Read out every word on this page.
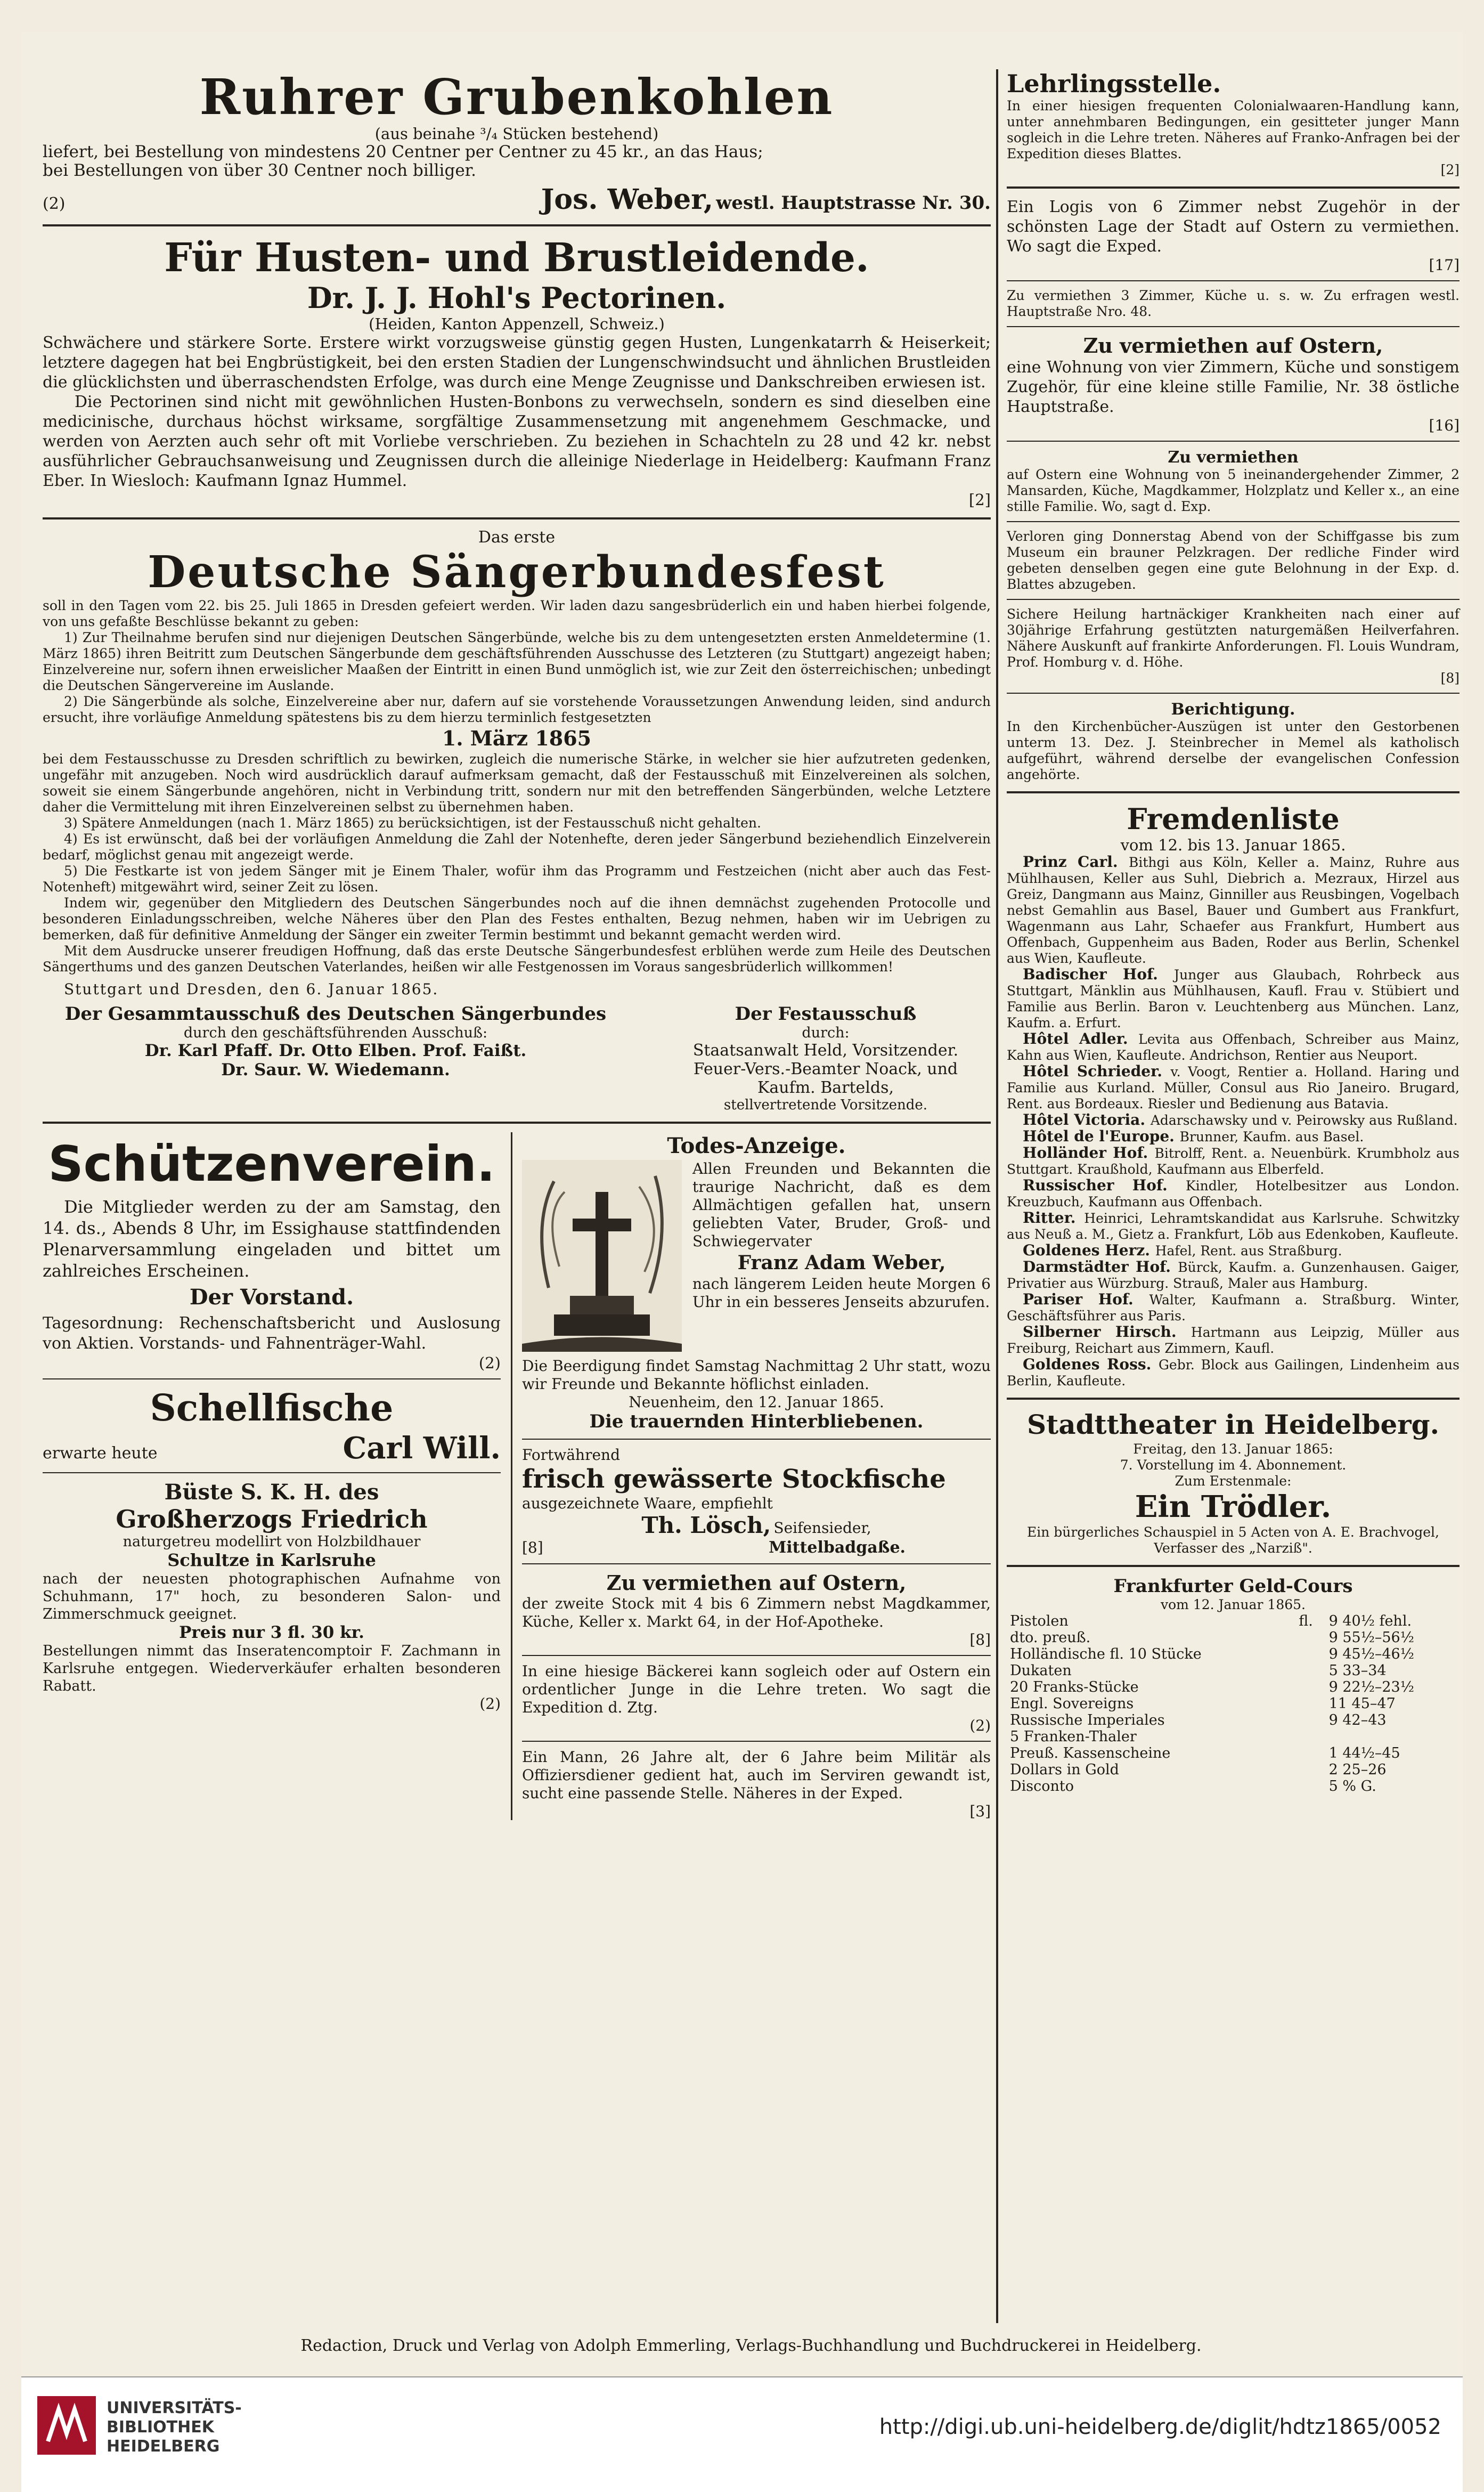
Ruhrer Grubenkohlen
(aus beinahe ³/₄ Stücken bestehend)
liefert, bei Bestellung von mindestens 20 Centner per Centner zu 45 kr., an das Haus;
bei Bestellungen von über 30 Centner noch billiger.
(2)	Jos. Weber, westl. Hauptstrasse Nr. 30.
Für Husten- und Brustleidende.
Dr. J. J. Hohl's Pectorinen.
(Heiden, Kanton Appenzell, Schweiz.)
Schwächere und stärkere Sorte. Erstere wirkt vorzugsweise günstig gegen Husten, Lungenkatarrh & Heiserkeit; letztere dagegen hat bei Engbrüstigkeit, bei den ersten Stadien der Lungenschwindsucht und ähnlichen Brustleiden die glücklichsten und überraschendsten Erfolge, was durch eine Menge Zeugnisse und Dankschreiben erwiesen ist.
Die Pectorinen sind nicht mit gewöhnlichen Husten-Bonbons zu verwechseln, sondern es sind dieselben eine medicinische, durchaus höchst wirksame, sorgfältige Zusammensetzung mit angenehmem Geschmacke, und werden von Aerzten auch sehr oft mit Vorliebe verschrieben. Zu beziehen in Schachteln zu 28 und 42 kr. nebst ausführlicher Gebrauchsanweisung und Zeugnissen durch die alleinige Niederlage in Heidelberg: Kaufmann Franz Eber. In Wiesloch: Kaufmann Ignaz Hummel.
[2]
Das erste
Deutsche Sängerbundesfest
soll in den Tagen vom 22. bis 25. Juli 1865 in Dresden gefeiert werden. Wir laden dazu sangesbrüderlich ein und haben hierbei folgende, von uns gefaßte Beschlüsse bekannt zu geben:
1) Zur Theilnahme berufen sind nur diejenigen Deutschen Sängerbünde, welche bis zu dem untengesetzten ersten Anmeldetermine (1. März 1865) ihren Beitritt zum Deutschen Sängerbunde dem geschäftsführenden Ausschusse des Letzteren (zu Stuttgart) angezeigt haben; Einzelvereine nur, sofern ihnen erweislicher Maaßen der Eintritt in einen Bund unmöglich ist, wie zur Zeit den österreichischen; unbedingt die Deutschen Sängervereine im Auslande.
2) Die Sängerbünde als solche, Einzelvereine aber nur, dafern auf sie vorstehende Voraussetzungen Anwendung leiden, sind andurch ersucht, ihre vorläufige Anmeldung spätestens bis zu dem hierzu terminlich festgesetzten
1. März 1865
bei dem Festausschusse zu Dresden schriftlich zu bewirken, zugleich die numerische Stärke, in welcher sie hier aufzutreten gedenken, ungefähr mit anzugeben. Noch wird ausdrücklich darauf aufmerksam gemacht, daß der Festausschuß mit Einzelvereinen als solchen, soweit sie einem Sängerbunde angehören, nicht in Verbindung tritt, sondern nur mit den betreffenden Sängerbünden, welche Letztere daher die Vermittelung mit ihren Einzelvereinen selbst zu übernehmen haben.
3) Spätere Anmeldungen (nach 1. März 1865) zu berücksichtigen, ist der Festausschuß nicht gehalten.
4) Es ist erwünscht, daß bei der vorläufigen Anmeldung die Zahl der Notenhefte, deren jeder Sängerbund beziehendlich Einzelverein bedarf, möglichst genau mit angezeigt werde.
5) Die Festkarte ist von jedem Sänger mit je Einem Thaler, wofür ihm das Programm und Festzeichen (nicht aber auch das Fest-Notenheft) mitgewährt wird, seiner Zeit zu lösen.
Indem wir, gegenüber den Mitgliedern des Deutschen Sängerbundes noch auf die ihnen demnächst zugehenden Protocolle und besonderen Einladungsschreiben, welche Näheres über den Plan des Festes enthalten, Bezug nehmen, haben wir im Uebrigen zu bemerken, daß für definitive Anmeldung der Sänger ein zweiter Termin bestimmt und bekannt gemacht werden wird.
Mit dem Ausdrucke unserer freudigen Hoffnung, daß das erste Deutsche Sängerbundesfest erblühen werde zum Heile des Deutschen Sängerthums und des ganzen Deutschen Vaterlandes, heißen wir alle Festgenossen im Voraus sangesbrüderlich willkommen!
Stuttgart und Dresden, den 6. Januar 1865.
Der Gesammtausschuß des Deutschen Sängerbundes
durch den geschäftsführenden Ausschuß:
Dr. Karl Pfaff. Dr. Otto Elben. Prof. Faißt.
Dr. Saur. W. Wiedemann.
Der Festausschuß
durch:
Staatsanwalt Held, Vorsitzender.
Feuer-Vers.-Beamter Noack, und
Kaufm. Bartelds,
stellvertretende Vorsitzende.
Schützenverein.
Die Mitglieder werden zu der am Samstag, den 14. ds., Abends 8 Uhr, im Essighause stattfindenden Plenarversammlung eingeladen und bittet um zahlreiches Erscheinen.
Der Vorstand.
Tagesordnung: Rechenschaftsbericht und Auslosung von Aktien. Vorstands- und Fahnenträger-Wahl.
(2)
Schellfische
erwarte heute	Carl Will.
Büste S. K. H. des
Großherzogs Friedrich
naturgetreu modellirt von Holzbildhauer
Schultze in Karlsruhe
nach der neuesten photographischen Aufnahme von Schuhmann, 17" hoch, zu besonderen Salon- und Zimmerschmuck geeignet.
Preis nur 3 fl. 30 kr.
Bestellungen nimmt das Inseratencomptoir F. Zachmann in Karlsruhe entgegen. Wiederverkäufer erhalten besonderen Rabatt.
(2)
Todes-Anzeige.
Allen Freunden und Bekannten die traurige Nachricht, daß es dem Allmächtigen gefallen hat, unsern geliebten Vater, Bruder, Groß- und Schwiegervater
Franz Adam Weber,
nach längerem Leiden heute Morgen 6 Uhr in ein besseres Jenseits abzurufen.
Die Beerdigung findet Samstag Nachmittag 2 Uhr statt, wozu wir Freunde und Bekannte höflichst einladen.
Neuenheim, den 12. Januar 1865.
Die trauernden Hinterbliebenen.
Fortwährend
frisch gewässerte Stockfische
ausgezeichnete Waare, empfiehlt
Th. Lösch, Seifensieder,
[8]	Mittelbadgaße.
Zu vermiethen auf Ostern,
der zweite Stock mit 4 bis 6 Zimmern nebst Magdkammer, Küche, Keller x. Markt 64, in der Hof-Apotheke.
[8]
In eine hiesige Bäckerei kann sogleich oder auf Ostern ein ordentlicher Junge in die Lehre treten. Wo sagt die Expedition d. Ztg.
(2)
Ein Mann, 26 Jahre alt, der 6 Jahre beim Militär als Offiziersdiener gedient hat, auch im Serviren gewandt ist, sucht eine passende Stelle. Näheres in der Exped.
[3]
Lehrlingsstelle.
In einer hiesigen frequenten Colonialwaaren-Handlung kann, unter annehmbaren Bedingungen, ein gesitteter junger Mann sogleich in die Lehre treten. Näheres auf Franko-Anfragen bei der Expedition dieses Blattes.
[2]
Ein Logis von 6 Zimmer nebst Zugehör in der schönsten Lage der Stadt auf Ostern zu vermiethen. Wo sagt die Exped.
[17]
Zu vermiethen 3 Zimmer, Küche u. s. w. Zu erfragen westl. Hauptstraße Nro. 48.
Zu vermiethen auf Ostern,
eine Wohnung von vier Zimmern, Küche und sonstigem Zugehör, für eine kleine stille Familie, Nr. 38 östliche Hauptstraße.
[16]
Zu vermiethen
auf Ostern eine Wohnung von 5 ineinandergehender Zimmer, 2 Mansarden, Küche, Magdkammer, Holzplatz und Keller x., an eine stille Familie. Wo, sagt d. Exp.
Verloren ging Donnerstag Abend von der Schiffgasse bis zum Museum ein brauner Pelzkragen. Der redliche Finder wird gebeten denselben gegen eine gute Belohnung in der Exp. d. Blattes abzugeben.
Sichere Heilung hartnäckiger Krankheiten nach einer auf 30jährige Erfahrung gestützten naturgemäßen Heilverfahren. Nähere Auskunft auf frankirte Anforderungen. Fl. Louis Wundram, Prof. Homburg v. d. Höhe.
[8]
Berichtigung.
In den Kirchenbücher-Auszügen ist unter den Gestorbenen unterm 13. Dez. J. Steinbrecher in Memel als katholisch aufgeführt, während derselbe der evangelischen Confession angehörte.
Fremdenliste
vom 12. bis 13. Januar 1865.
Prinz Carl. Bithgi aus Köln, Keller a. Mainz, Ruhre aus Mühlhausen, Keller aus Suhl, Diebrich a. Mezraux, Hirzel aus Greiz, Dangmann aus Mainz, Ginniller aus Reusbingen, Vogelbach nebst Gemahlin aus Basel, Bauer und Gumbert aus Frankfurt, Wagenmann aus Lahr, Schaefer aus Frankfurt, Humbert aus Offenbach, Guppenheim aus Baden, Roder aus Berlin, Schenkel aus Wien, Kaufleute.
Badischer Hof. Junger aus Glaubach, Rohrbeck aus Stuttgart, Mänklin aus Mühlhausen, Kaufl. Frau v. Stübiert und Familie aus Berlin. Baron v. Leuchtenberg aus München. Lanz, Kaufm. a. Erfurt.
Hôtel Adler. Levita aus Offenbach, Schreiber aus Mainz, Kahn aus Wien, Kaufleute. Andrichson, Rentier aus Neuport.
Hôtel Schrieder. v. Voogt, Rentier a. Holland. Haring und Familie aus Kurland. Müller, Consul aus Rio Janeiro. Brugard, Rent. aus Bordeaux. Riesler und Bedienung aus Batavia.
Hôtel Victoria. Adarschawsky und v. Peirowsky aus Rußland.
Hôtel de l'Europe. Brunner, Kaufm. aus Basel.
Holländer Hof. Bitrolff, Rent. a. Neuenbürk. Krumbholz aus Stuttgart. Kraußhold, Kaufmann aus Elberfeld.
Russischer Hof. Kindler, Hotelbesitzer aus London. Kreuzbuch, Kaufmann aus Offenbach.
Ritter. Heinrici, Lehramtskandidat aus Karlsruhe. Schwitzky aus Neuß a. M., Gietz a. Frankfurt, Löb aus Edenkoben, Kaufleute.
Goldenes Herz. Hafel, Rent. aus Straßburg.
Darmstädter Hof. Bürck, Kaufm. a. Gunzenhausen. Gaiger, Privatier aus Würzburg. Strauß, Maler aus Hamburg.
Pariser Hof. Walter, Kaufmann a. Straßburg. Winter, Geschäftsführer aus Paris.
Silberner Hirsch. Hartmann aus Leipzig, Müller aus Freiburg, Reichart aus Zimmern, Kaufl.
Goldenes Ross. Gebr. Block aus Gailingen, Lindenheim aus Berlin, Kaufleute.
Stadttheater in Heidelberg.
Freitag, den 13. Januar 1865:
7. Vorstellung im 4. Abonnement.
Zum Erstenmale:
Ein Trödler.
Ein bürgerliches Schauspiel in 5 Acten von A. E. Brachvogel, Verfasser des „Narziß".
Frankfurter Geld-Cours
vom 12. Januar 1865.
Pistolen	fl.	9 40½ fehl.
dto. preuß.		9 55½–56½
Holländische fl. 10 Stücke		9 45½–46½
Dukaten		5 33–34
20 Franks-Stücke		9 22½–23½
Engl. Sovereigns		11 45–47
Russische Imperiales		9 42–43
5 Franken-Thaler		
Preuß. Kassenscheine		1 44½–45
Dollars in Gold		2 25–26
Disconto		5 % G.
Redaction, Druck und Verlag von Adolph Emmerling, Verlags-Buchhandlung und Buchdruckerei in Heidelberg.
UNIVERSITÄTS-
BIBLIOTHEK
HEIDELBERG
http://digi.ub.uni-heidelberg.de/diglit/hdtz1865/0052
